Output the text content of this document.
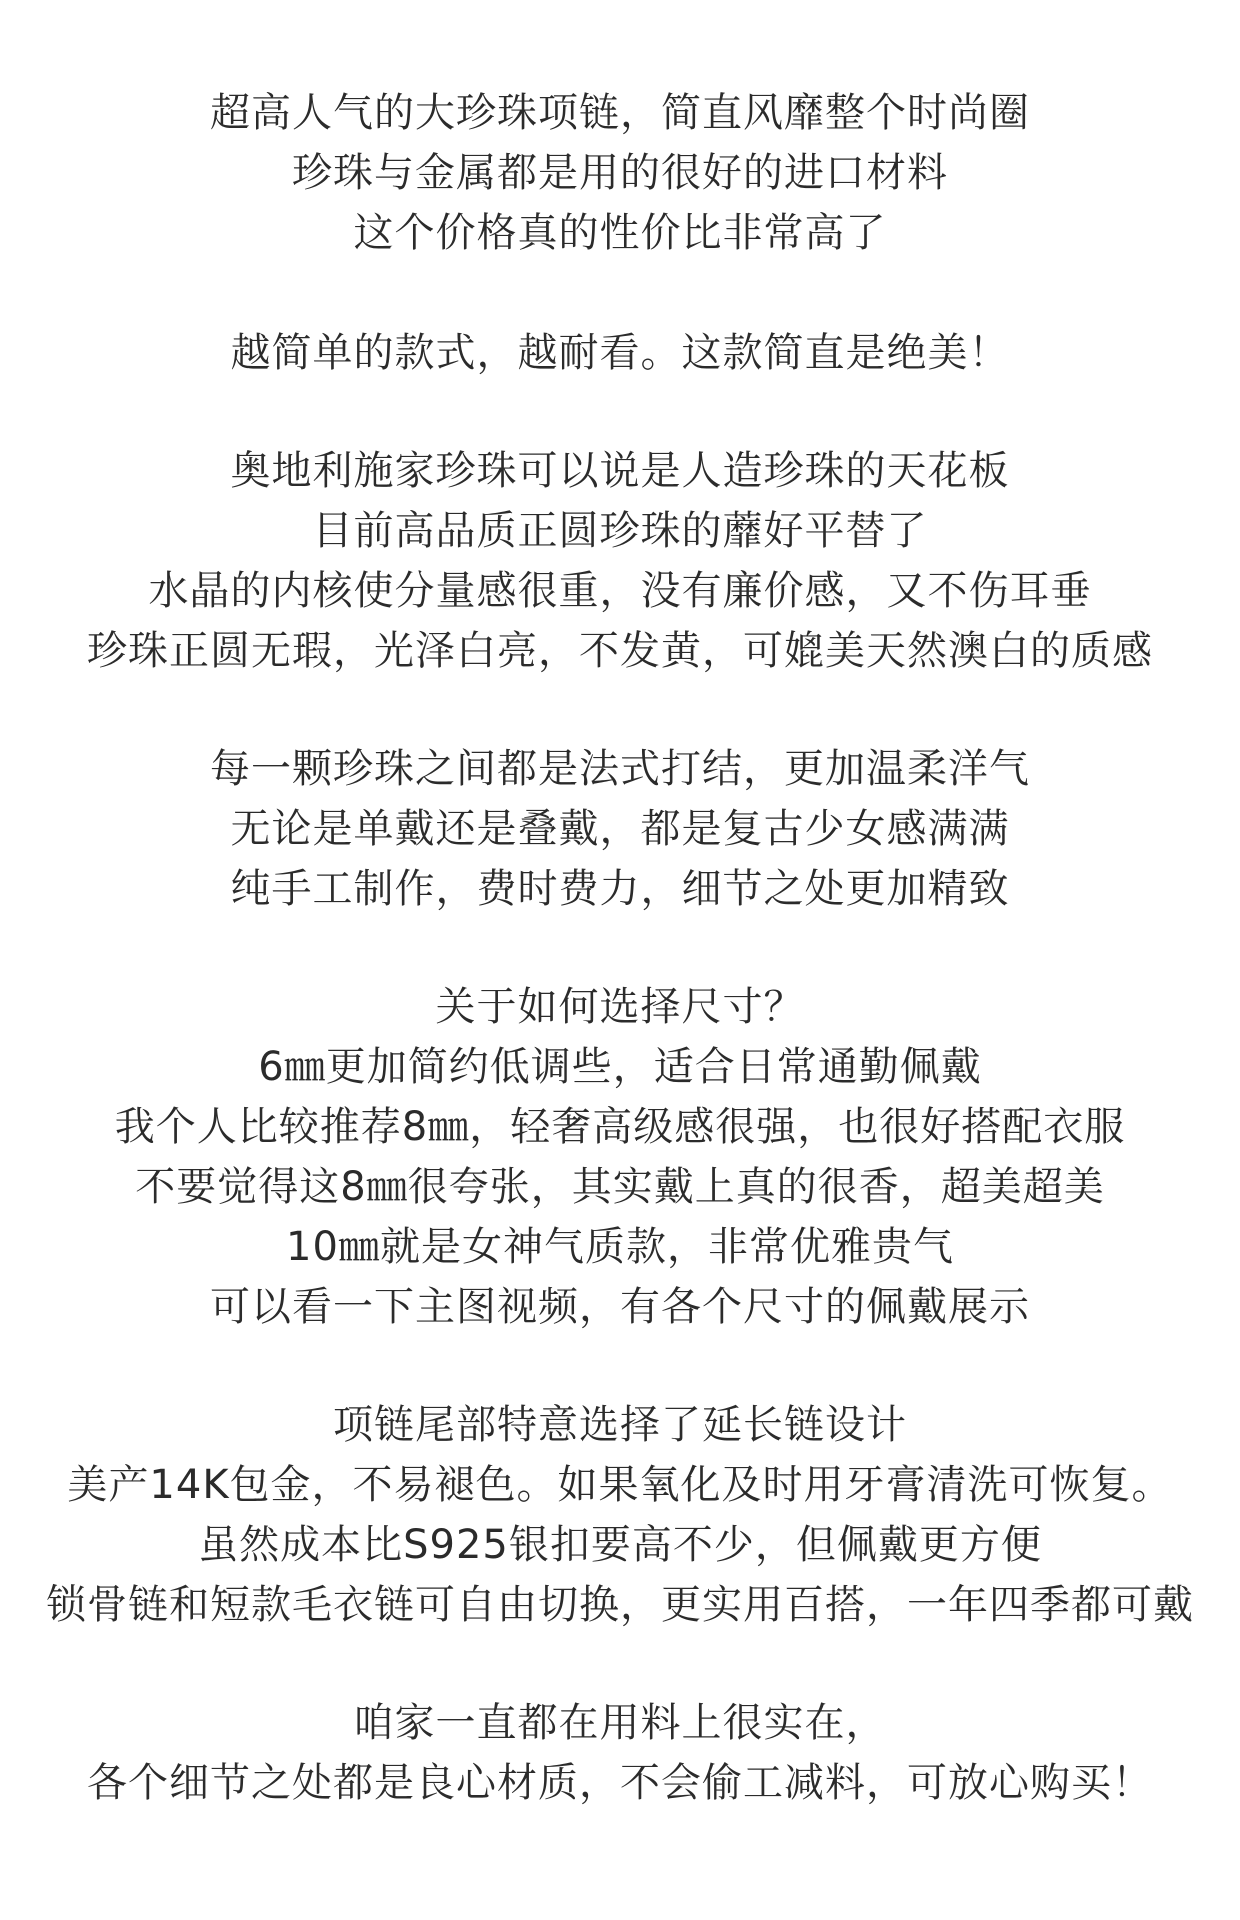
超高人气的大珍珠项链，简直风靡整个时尚圈
珍珠与金属都是用的很好的进口材料
这个价格真的性价比非常高了
越简单的款式，越耐看。这款简直是绝美！
奥地利施家珍珠可以说是人造珍珠的天花板
目前高品质正圆珍珠的蘼好平替了
水晶的内核使分量感很重，没有廉价感，又不伤耳垂
珍珠正圆无瑕，光泽白亮，不发黄，可媲美天然澳白的质感
每一颗珍珠之间都是法式打结，更加温柔洋气
无论是单戴还是叠戴，都是复古少女感满满
纯手工制作，费时费力，细节之处更加精致
关于如何选择尺寸？
6㎜更加简约低调些，适合日常通勤佩戴
我个人比较推荐8㎜，轻奢高级感很强，也很好搭配衣服
不要觉得这8㎜很夸张，其实戴上真的很香，超美超美
10㎜就是女神气质款，非常优雅贵气
可以看一下主图视频，有各个尺寸的佩戴展示
项链尾部特意选择了延长链设计
美产14K包金，不易褪色。如果氧化及时用牙膏清洗可恢复。
虽然成本比S925银扣要高不少，但佩戴更方便
锁骨链和短款毛衣链可自由切换，更实用百搭，一年四季都可戴
咱家一直都在用料上很实在，
各个细节之处都是良心材质，不会偷工减料，可放心购买！
